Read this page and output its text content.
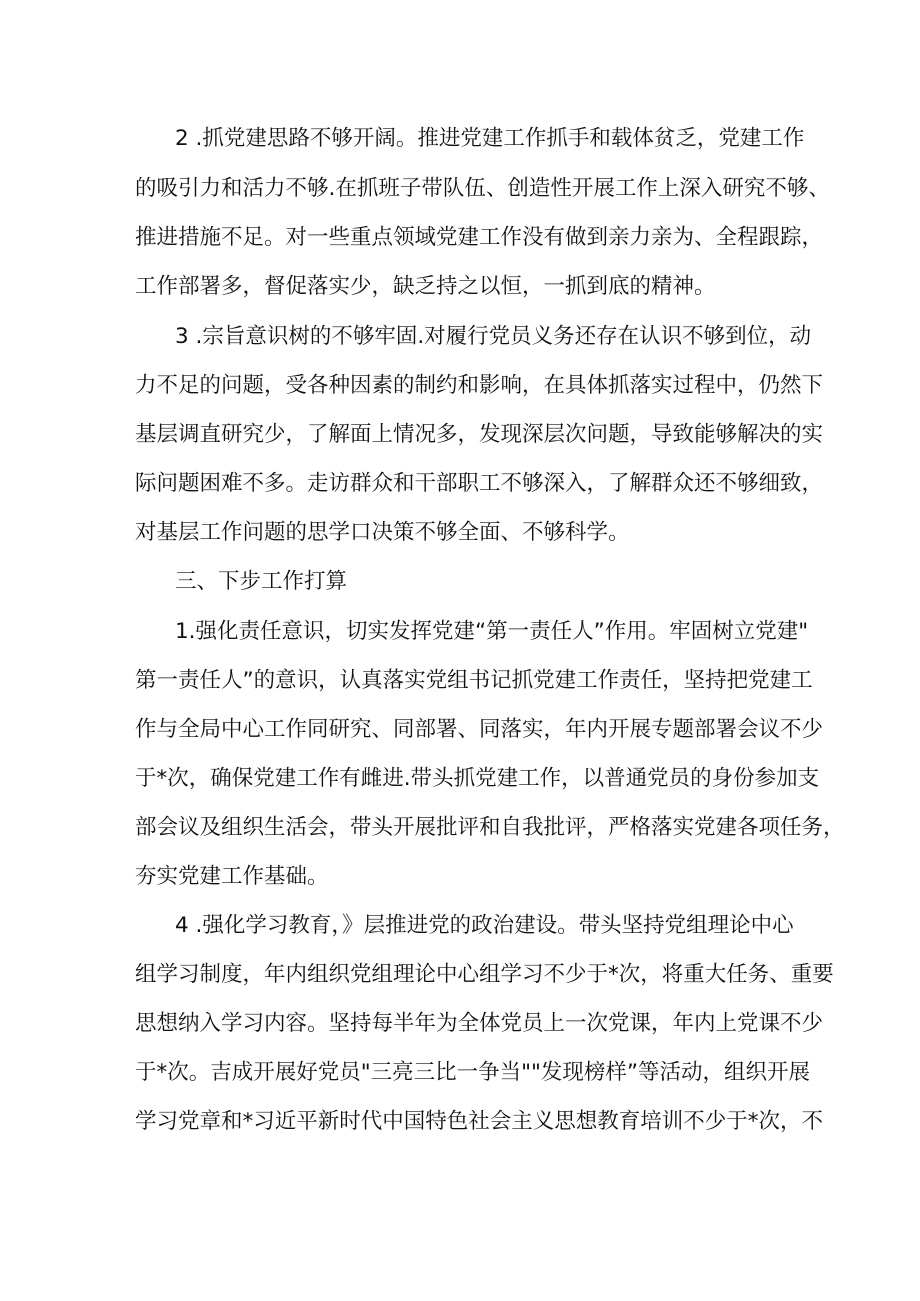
2 .抓党建思路不够开阔。推进党建工作抓手和载体贫乏，党建工作
的吸引力和活力不够.在抓班子带队伍、创造性开展工作上深入研究不够、
推进措施不足。对一些重点领域党建工作没有做到亲力亲为、全程跟踪，
工作部署多，督促落实少，缺乏持之以恒，一抓到底的精神。
3 .宗旨意识树的不够牢固.对履行党员义务还存在认识不够到位，动
力不足的问题，受各种因素的制约和影响，在具体抓落实过程中，仍然下
基层调直研究少，了解面上情况多，发现深层次问题，导致能够解决的实
际问题困难不多。走访群众和干部职工不够深入，了解群众还不够细致，
对基层工作问题的思学口决策不够全面、不够科学。
三、下步工作打算
1.强化责任意识，切实发挥党建“第一责任人”作用。牢固树立党建"
第一责任人”的意识，认真落实党组书记抓党建工作责任，坚持把党建工
作与全局中心工作同研究、同部署、同落实，年内开展专题部署会议不少
于*次，确保党建工作有雌进.带头抓党建工作，以普通党员的身份参加支
部会议及组织生活会，带头开展批评和自我批评，严格落实党建各项任务，
夯实党建工作基础。
4 .强化学习教育，》层推进党的政治建设。带头坚持党组理论中心
组学习制度，年内组织党组理论中心组学习不少于*次，将重大任务、重要
思想纳入学习内容。坚持每半年为全体党员上一次党课，年内上党课不少
于*次。吉成开展好党员"三亮三比一争当""发现榜样”等活动，组织开展
学习党章和*习近平新时代中国特色社会主义思想教育培训不少于*次，不
